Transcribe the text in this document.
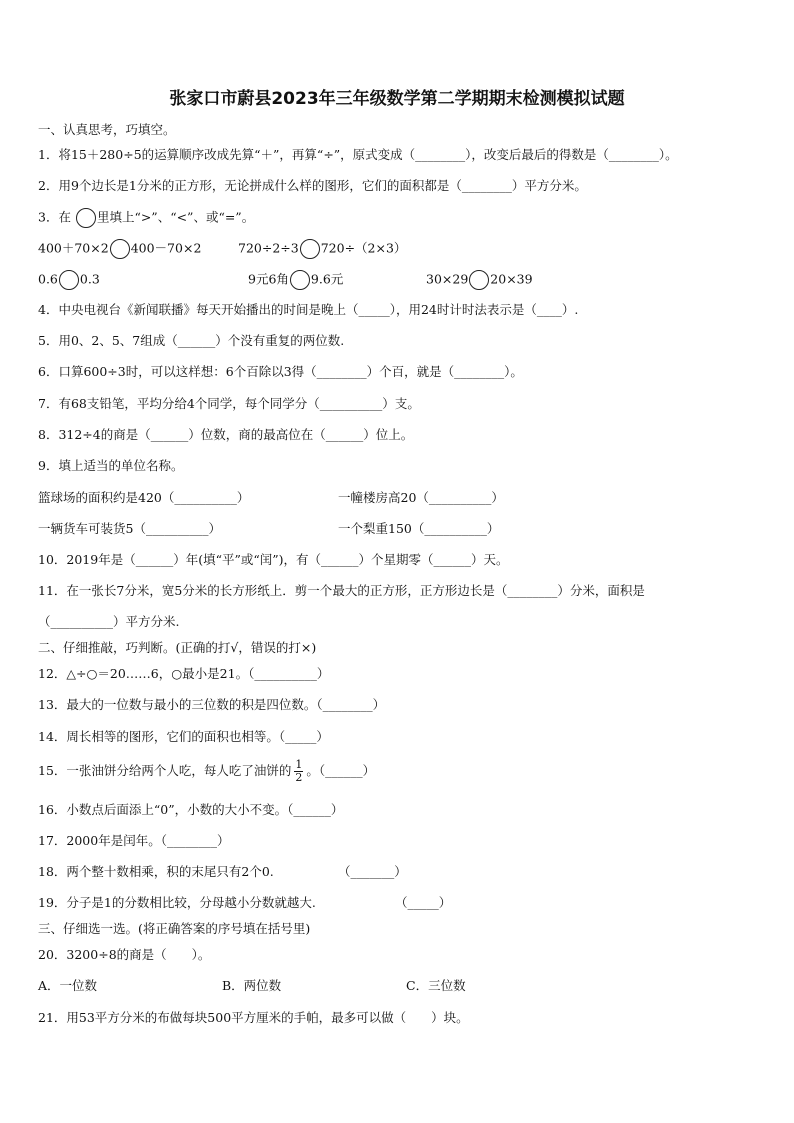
张家口市蔚县2023年三年级数学第二学期期末检测模拟试题
一、认真思考，巧填空。
1．将15＋280÷5的运算顺序改成先算“＋”，再算“÷”，原式变成（________），改变后最后的得数是（________）。
2．用9个边长是1分米的正方形，无论拼成什么样的图形，它们的面积都是（________）平方分米。
3．在 里填上“>”、“<”、或“=”。
400＋70×2 400－70×2	720÷2÷3 720÷（2×3）
0.6 0.3	9元6角 9.6元	30×29 20×39
4．中央电视台《新闻联播》每天开始播出的时间是晚上（_____），用24时计时法表示是（____）.
5．用0、2、5、7组成（______）个没有重复的两位数.
6．口算600÷3时，可以这样想：6个百除以3得（________）个百，就是（________）。
7．有68支铅笔，平均分给4个同学，每个同学分（__________）支。
8．312÷4的商是（______）位数，商的最高位在（______）位上。
9．填上适当的单位名称。
篮球场的面积约是420（__________）	一幢楼房高20（__________）
一辆货车可装货5（__________）	一个梨重150（__________）
10．2019年是（______）年(填“平”或“闰”)，有（______）个星期零（______）天。
11．在一张长7分米，宽5分米的长方形纸上．剪一个最大的正方形，正方形边长是（________）分米，面积是
（__________）平方分米.
二、仔细推敲，巧判断。(正确的打√，错误的打×)
12．△÷○＝20……6，○最小是21。（__________）
13．最大的一位数与最小的三位数的积是四位数。（________）
14．周长相等的图形，它们的面积也相等。（_____）
15．一张油饼分给两个人吃，每人吃了油饼的 $\frac{1}{2}$ 。（______）
16．小数点后面添上“0”，小数的大小不变。（______）
17．2000年是闰年。（________）
18．两个整十数相乘，积的末尾只有2个0.	（_______）
19．分子是1的分数相比较，分母越小分数就越大.	（_____）
三、仔细选一选。(将正确答案的序号填在括号里)
20．3200÷8的商是（　　）。
A．一位数	B．两位数	C．三位数
21．用53平方分米的布做每块500平方厘米的手帕，最多可以做（　　）块。
